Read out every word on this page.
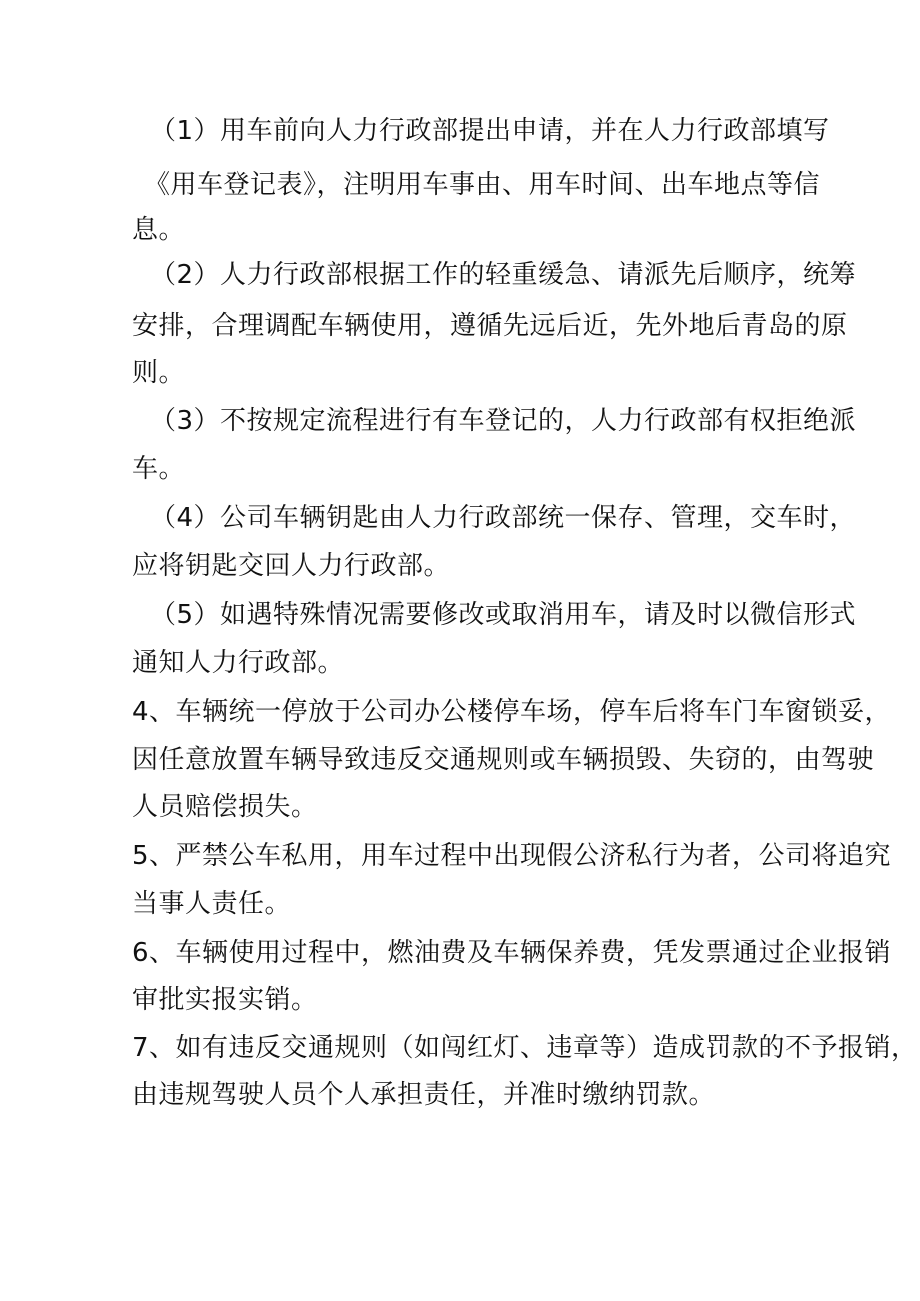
（1）用车前向人力行政部提出申请，并在人力行政部填写
《用车登记表》，注明用车事由、用车时间、出车地点等信
息。
（2）人力行政部根据工作的轻重缓急、请派先后顺序，统筹
安排，合理调配车辆使用，遵循先远后近，先外地后青岛的原
则。
（3）不按规定流程进行有车登记的，人力行政部有权拒绝派
车。
（4）公司车辆钥匙由人力行政部统一保存、管理，交车时，
应将钥匙交回人力行政部。
（5）如遇特殊情况需要修改或取消用车，请及时以微信形式
通知人力行政部。
4、车辆统一停放于公司办公楼停车场，停车后将车门车窗锁妥，
因任意放置车辆导致违反交通规则或车辆损毁、失窃的，由驾驶
人员赔偿损失。
5、严禁公车私用，用车过程中出现假公济私行为者，公司将追究
当事人责任。
6、车辆使用过程中，燃油费及车辆保养费，凭发票通过企业报销
审批实报实销。
7、如有违反交通规则（如闯红灯、违章等）造成罚款的不予报销，
由违规驾驶人员个人承担责任，并准时缴纳罚款。
